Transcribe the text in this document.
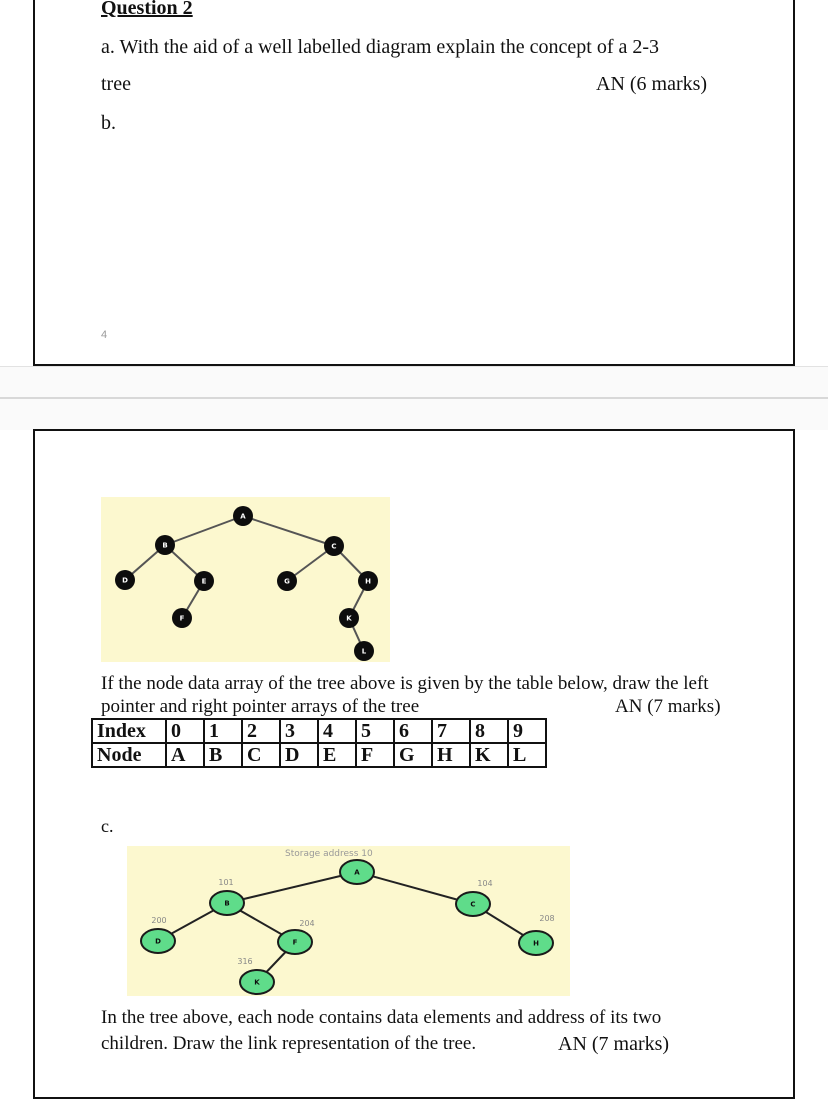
Question 2
a. With the aid of a well labelled diagram explain the concept of a 2-3
tree	AN (6 marks)
b.
4
A
B	C
D	E
F
G	H
K
L
If the node data array of the tree above is given by the table below, draw the left
pointer and right pointer arrays of the tree	AN (7 marks)
Index	0	1	2	3	4	5	6	7	8	9
Node	A	B	C	D	E	F	G	H	K	L
c.
Storage address 10
A
B
101
C
104
D
200
F
204
H
208
K
316
In the tree above, each node contains data elements and address of its two
children. Draw the link representation of the tree.	AN (7 marks)
